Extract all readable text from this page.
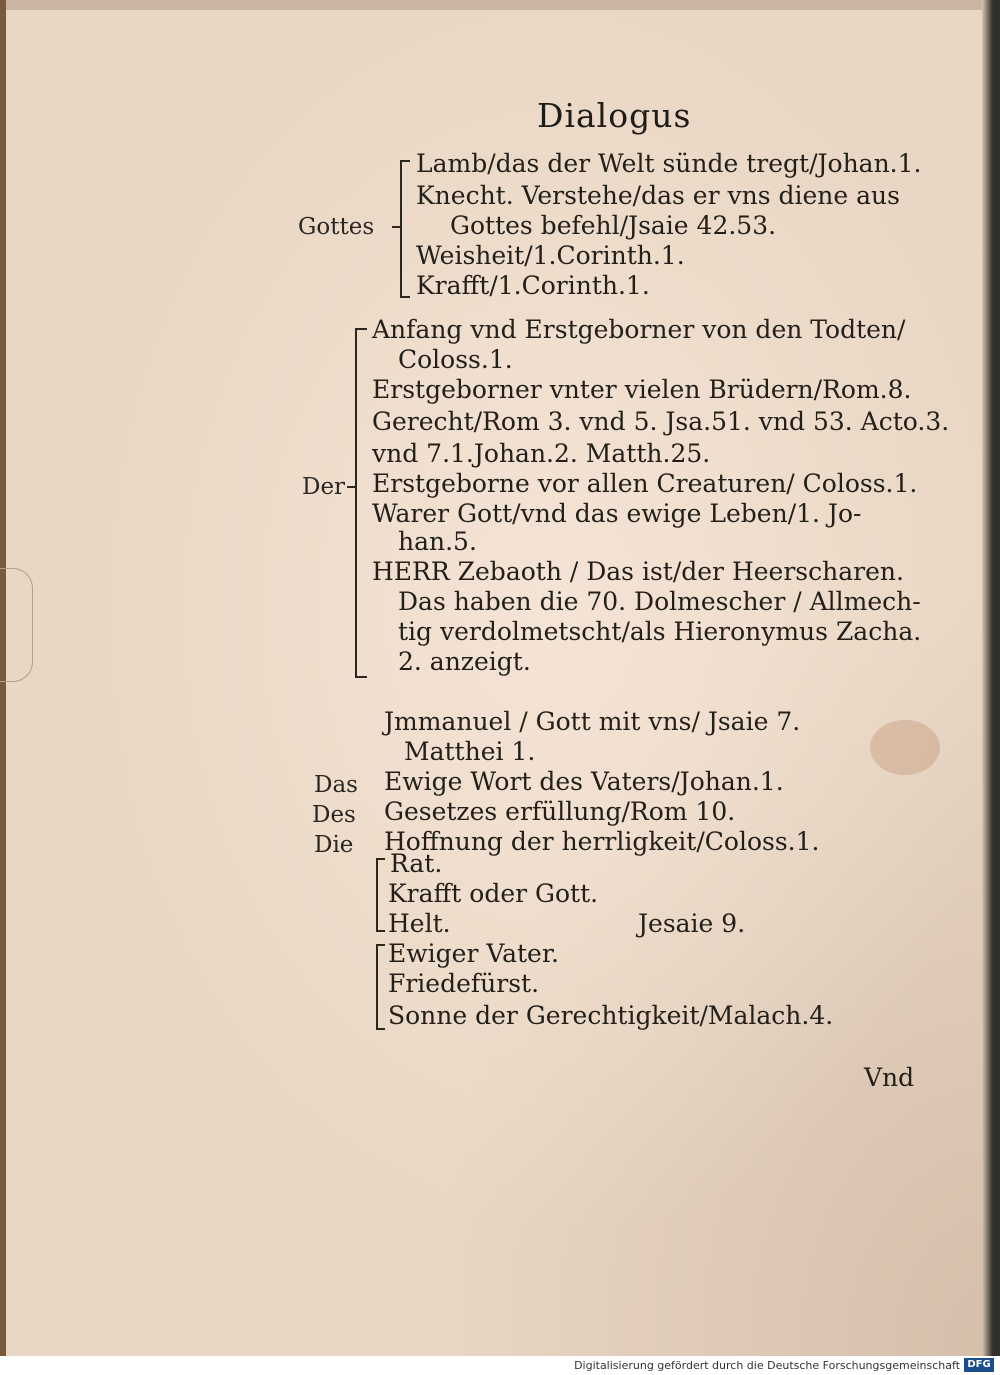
Dialogus
Gottes
Lamb/das der Welt sünde tregt/Johan.1.
Knecht. Verstehe/das er vns diene aus
Gottes befehl/Jsaie 42.53.
Weisheit/1.Corinth.1.
Krafft/1.Corinth.1.
Der
Anfang vnd Erstgeborner von den Todten/
Coloss.1.
Erstgeborner vnter vielen Brüdern/Rom.8.
Gerecht/Rom 3. vnd 5. Jsa.51. vnd 53. Acto.3.
vnd 7.1.Johan.2. Matth.25.
Erstgeborne vor allen Creaturen/ Coloss.1.
Warer Gott/vnd das ewige Leben/1. Jo-
han.5.
HERR Zebaoth / Das ist/der Heerscharen.
Das haben die 70. Dolmescher / Allmech-
tig verdolmetscht/als Hieronymus Zacha.
2. anzeigt.
Jmmanuel / Gott mit vns/ Jsaie 7.
Matthei 1.
Das Ewige Wort des Vaters/Johan.1.
Des Gesetzes erfüllung/Rom 10.
Die Hoffnung der herrligkeit/Coloss.1.
Rat.
Krafft oder Gott.
Helt.	Jesaie 9.
Ewiger Vater.
Friedefürst.
Sonne der Gerechtigkeit/Malach.4.
Vnd
Digitalisierung gefördert durch die Deutsche Forschungsgemeinschaft DFG
